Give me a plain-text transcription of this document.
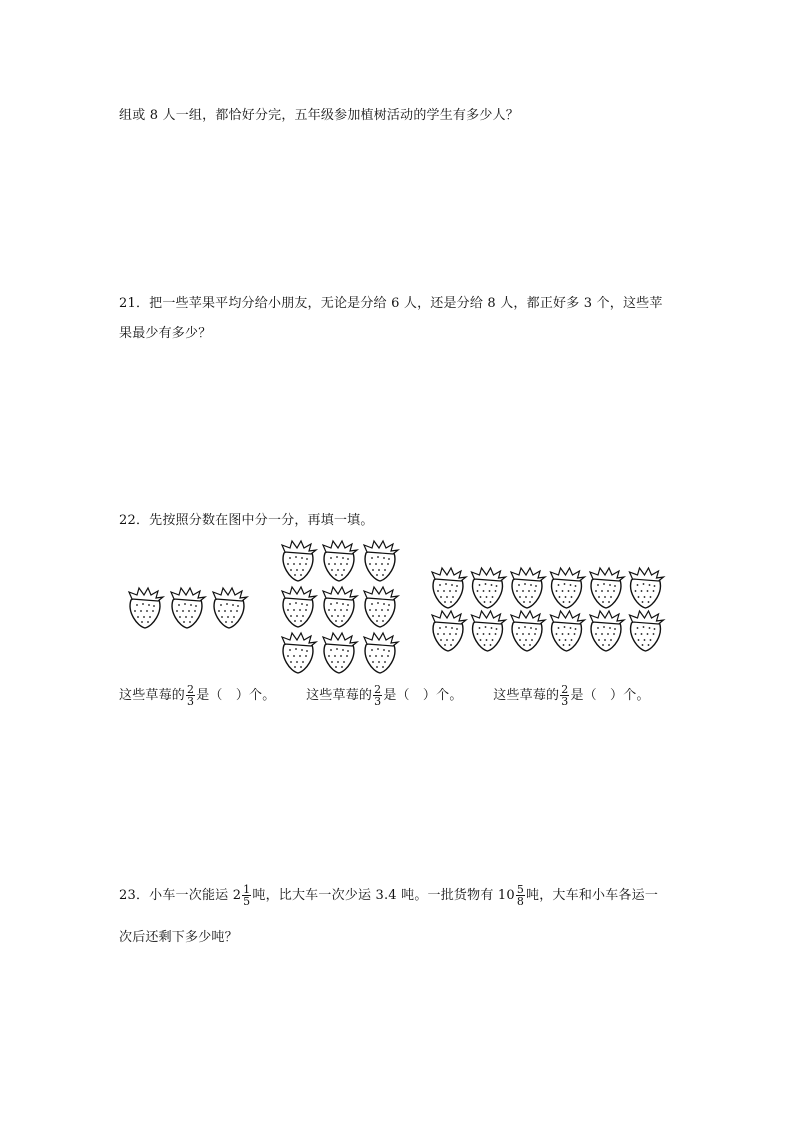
组或 8 人一组，都恰好分完，五年级参加植树活动的学生有多少人？
21．把一些苹果平均分给小朋友，无论是分给 6 人，还是分给 8 人，都正好多 3 个，这些苹
果最少有多少？
22．先按照分数在图中分一分，再填一填。
这些草莓的 $\frac{2}{3}$ 是（　）个。 这些草莓的 $\frac{2}{3}$ 是（　）个。 这些草莓的 $\frac{2}{3}$ 是（　）个。
23．小车一次能运 $2 \frac{1}{5}$ 吨，比大车一次少运 3.4 吨。一批货物有 $10 \frac{5}{8}$ 吨，大车和小车各运一
次后还剩下多少吨？
